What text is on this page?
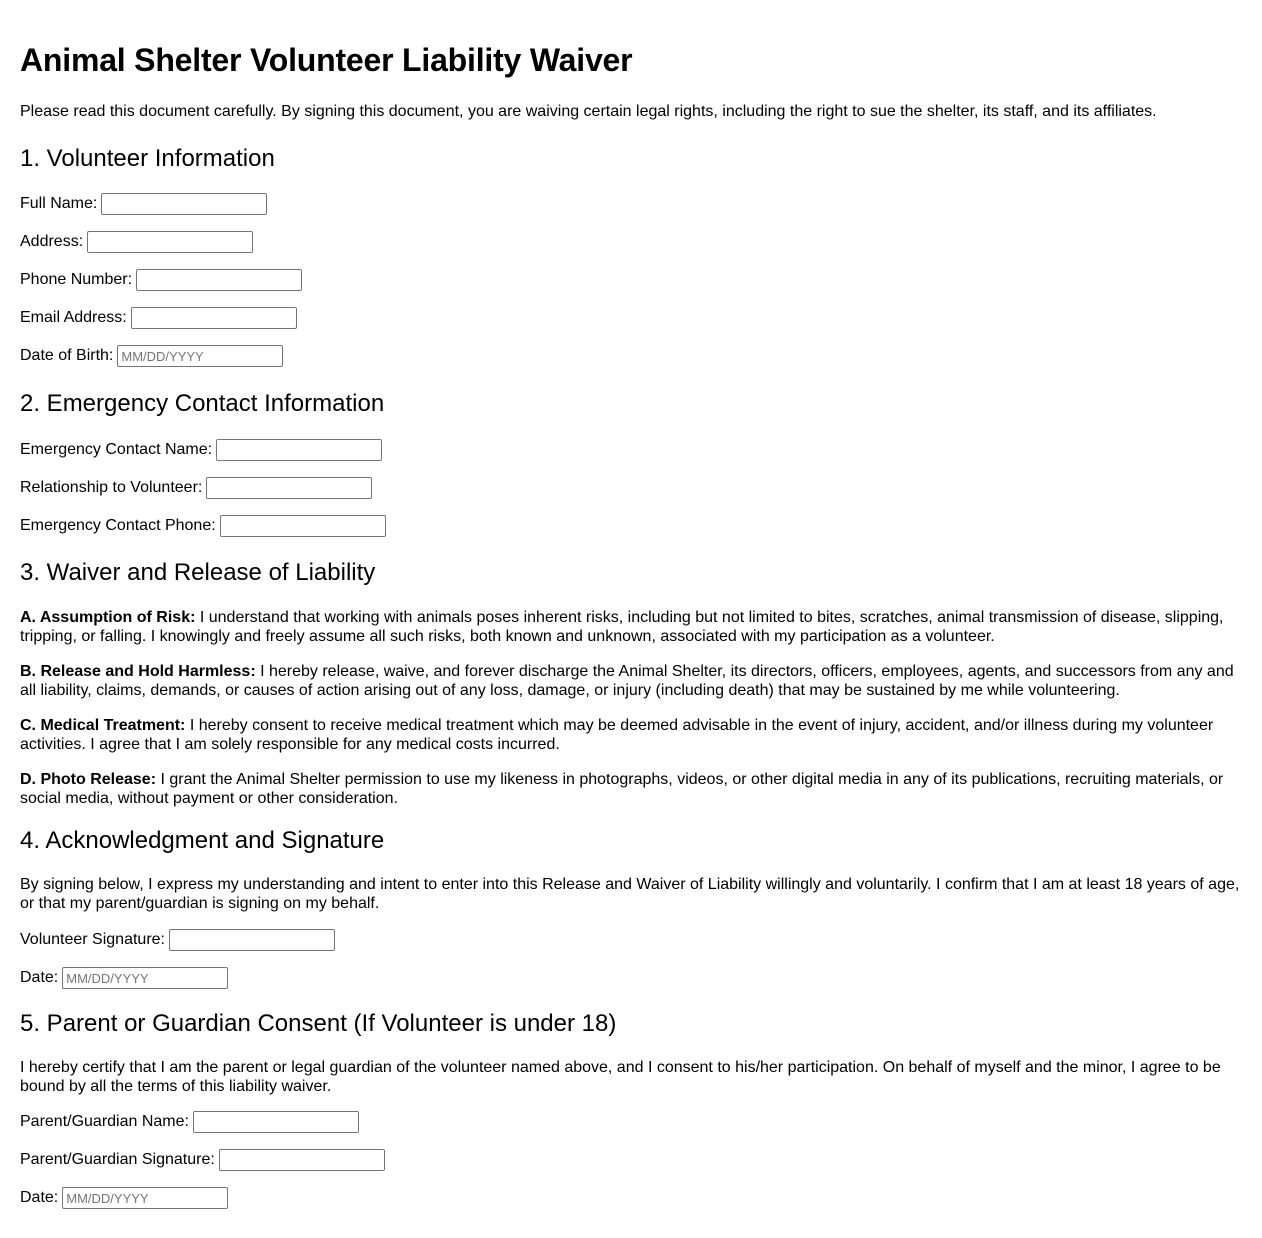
Animal Shelter Volunteer Liability Waiver

Please read this document carefully. By signing this document, you are waiving certain legal rights, including the right to sue the shelter, its staff, and its affiliates.

1. Volunteer Information
Full Name:
Address:
Phone Number:
Email Address:
Date of Birth:
MM/DD/YYYY
2. Emergency Contact Information
Emergency Contact Name:
Relationship to Volunteer:
Emergency Contact Phone:
3. Waiver and Release of Liability

A. Assumption of Risk: I understand that working with animals poses inherent risks, including but not limited to bites, scratches, animal transmission of disease, slipping, tripping, or falling. I knowingly and freely assume all such risks, both known and unknown, associated with my participation as a volunteer.

B. Release and Hold Harmless: I hereby release, waive, and forever discharge the Animal Shelter, its directors, officers, employees, agents, and successors from any and all liability, claims, demands, or causes of action arising out of any loss, damage, or injury (including death) that may be sustained by me while volunteering.

C. Medical Treatment: I hereby consent to receive medical treatment which may be deemed advisable in the event of injury, accident, and/or illness during my volunteer activities. I agree that I am solely responsible for any medical costs incurred.

D. Photo Release: I grant the Animal Shelter permission to use my likeness in photographs, videos, or other digital media in any of its publications, recruiting materials, or social media, without payment or other consideration.

4. Acknowledgment and Signature

By signing below, I express my understanding and intent to enter into this Release and Waiver of Liability willingly and voluntarily. I confirm that I am at least 18 years of age, or that my parent/guardian is signing on my behalf.

Volunteer Signature:
Date:
MM/DD/YYYY
5. Parent or Guardian Consent (If Volunteer is under 18)

I hereby certify that I am the parent or legal guardian of the volunteer named above, and I consent to his/her participation. On behalf of myself and the minor, I agree to be bound by all the terms of this liability waiver.

Parent/Guardian Name:
Parent/Guardian Signature:
Date:
MM/DD/YYYY
